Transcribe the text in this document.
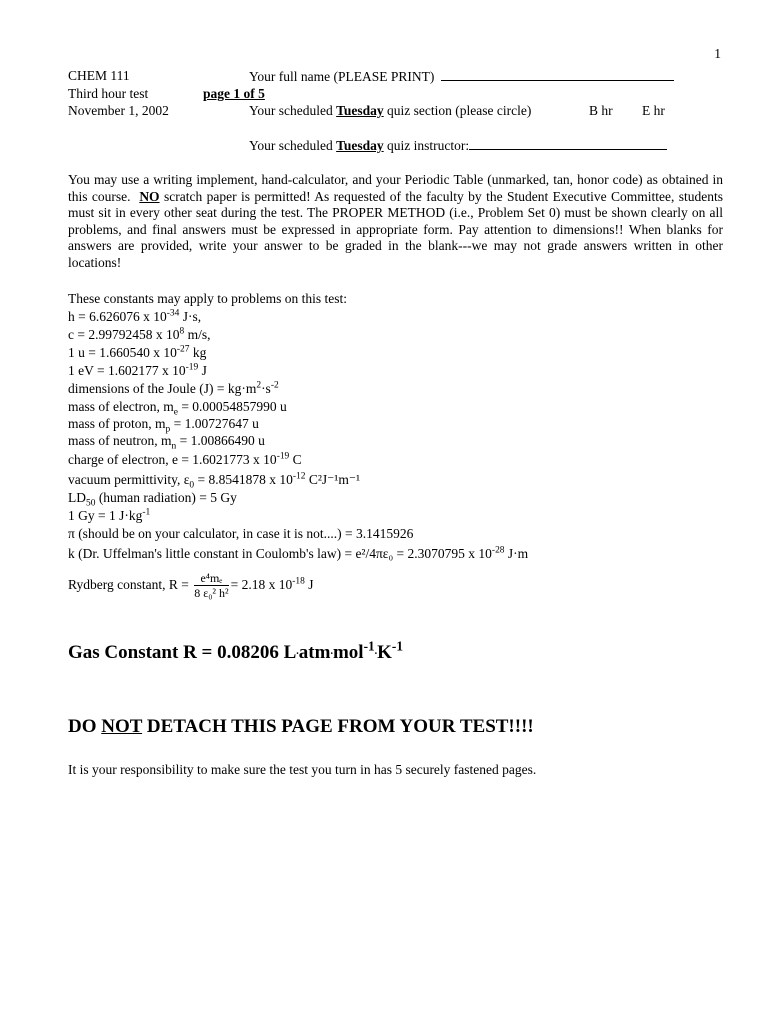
1
CHEM 111
Third hour test
November 1, 2002
page 1 of 5
Your full name (PLEASE PRINT)
Your scheduled Tuesday quiz section (please circle)	B hr E hr
Your scheduled Tuesday quiz instructor:
You may use a writing implement, hand-calculator, and your Periodic Table (unmarked, tan, honor code) as obtained in this course. NO scratch paper is permitted! As requested of the faculty by the Student Executive Committee, students must sit in every other seat during the test. The PROPER METHOD (i.e., Problem Set 0) must be shown clearly on all problems, and final answers must be expressed in appropriate form. Pay attention to dimensions!! When blanks for answers are provided, write your answer to be graded in the blank---we may not grade answers written in other locations!
These constants may apply to problems on this test:
h = 6.626076 x $10^{-34}$ J·s,
c = 2.99792458 x $10^8$ m/s,
1 u = 1.660540 x $10^{-27}$ kg
1 eV = 1.602177 x $10^{-19}$ J
dimensions of the Joule $(J) = kg\cdot m^2\cdot s^{-2}$
mass of electron, $m_e = 0.00054857990$ u
mass of proton, $m_p = 1.00727647$ u
mass of neutron, $m_n = 1.00866490$ u
charge of electron, e = 1.6021773 x $10^{-19}$ C
vacuum permittivity, $\varepsilon_0 = 8.8541878$ x $10^{-12}$ C²J⁻¹m⁻¹
$LD_{50}$ (human radiation) = 5 Gy
1 Gy = 1 $J\cdot kg^{-1}$
π (should be on your calculator, in case it is not....) = 3.1415926
k (Dr. Uffelman's little constant in Coulomb's law) = e²/4πε₀ = 2.3070795 x $10^{-28}$ J·m
Rydberg constant, $R = \frac{\text{e⁴mₑ}}{\text{8 ε₀² h²}} = 2.18$ x $10^{-18}$ J
Gas Constant R = 0.08206 $L^.atm^.mol^{-1.}K^{-1}$
DO NOT DETACH THIS PAGE FROM YOUR TEST!!!!
It is your responsibility to make sure the test you turn in has 5 securely fastened pages.
